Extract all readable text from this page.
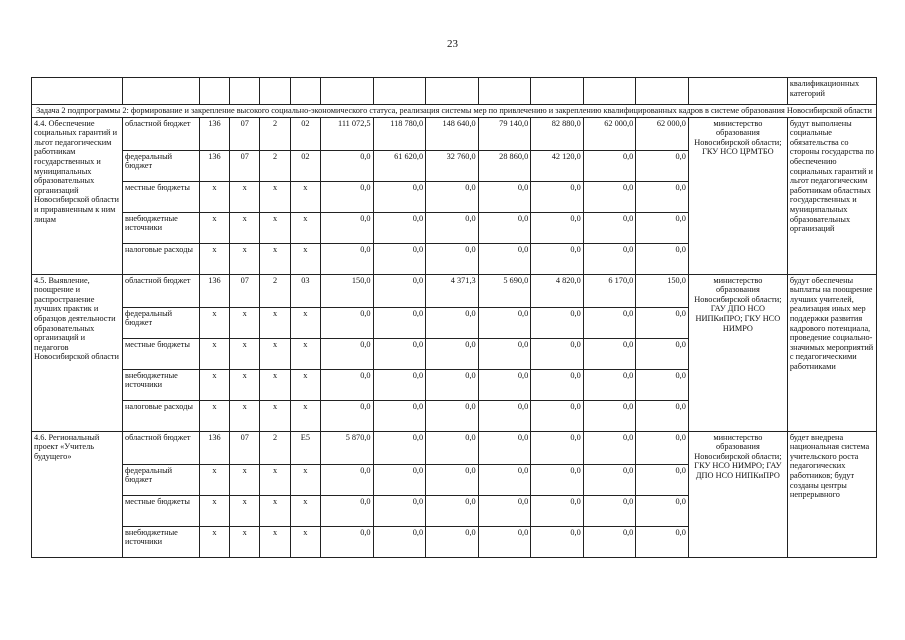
23
														квалификационных категорий
Задача 2 подпрограммы 2: формирование и закрепление высокого социально-экономического статуса, реализация системы мер по привлечению и закреплению квалифицированных кадров в системе образования Новосибирской области														
4.4. Обеспечение социальных гарантий и льгот педагогическим работникам государственных и муниципальных образовательных организаций Новосибирской области и приравненным к ним лицам	областной бюджет	136	07	2	02	111 072,5	118 780,0	148 640,0	79 140,0	82 880,0	62 000,0	62 000,0	министерство образования Новосибирской области; ГКУ НСО ЦРМТБО	будут выполнены социальные обязательства со стороны государства по обеспечению социальных гарантий и льгот педагогическим работникам областных государственных и муниципальных образовательных организаций
	федеральный бюджет	136	07	2	02	0,0	61 620,0	32 760,0	28 860,0	42 120,0	0,0	0,0		
	местные бюджеты	x	x	x	x	0,0	0,0	0,0	0,0	0,0	0,0	0,0		
	внебюджетные источники	x	x	x	x	0,0	0,0	0,0	0,0	0,0	0,0	0,0		
	налоговые расходы	x	x	x	x	0,0	0,0	0,0	0,0	0,0	0,0	0,0		
4.5. Выявление, поощрение и распространение лучших практик и образцов деятельности образовательных организаций и педагогов Новосибирской области	областной бюджет	136	07	2	03	150,0	0,0	4 371,3	5 690,0	4 820,0	6 170,0	150,0	министерство образования Новосибирской области; ГАУ ДПО НСО НИПКиПРО; ГКУ НСО НИМРО	будут обеспечены выплаты на поощрение лучших учителей, реализация иных мер поддержки развития кадрового потенциала, проведение социально-значимых мероприятий с педагогическими работниками
	федеральный бюджет	x	x	x	x	0,0	0,0	0,0	0,0	0,0	0,0	0,0		
	местные бюджеты	x	x	x	x	0,0	0,0	0,0	0,0	0,0	0,0	0,0		
	внебюджетные источники	x	x	x	x	0,0	0,0	0,0	0,0	0,0	0,0	0,0		
	налоговые расходы	x	x	x	x	0,0	0,0	0,0	0,0	0,0	0,0	0,0		
4.6. Региональный проект «Учитель будущего»	областной бюджет	136	07	2	E5	5 870,0	0,0	0,0	0,0	0,0	0,0	0,0	министерство образования Новосибирской области; ГКУ НСО НИМРО; ГАУ ДПО НСО НИПКиПРО	будет внедрена национальная система учительского роста педагогических работников; будут созданы центры непрерывного
	федеральный бюджет	x	x	x	x	0,0	0,0	0,0	0,0	0,0	0,0	0,0		
	местные бюджеты	x	x	x	x	0,0	0,0	0,0	0,0	0,0	0,0	0,0		
	внебюджетные источники	x	x	x	x	0,0	0,0	0,0	0,0	0,0	0,0	0,0		
